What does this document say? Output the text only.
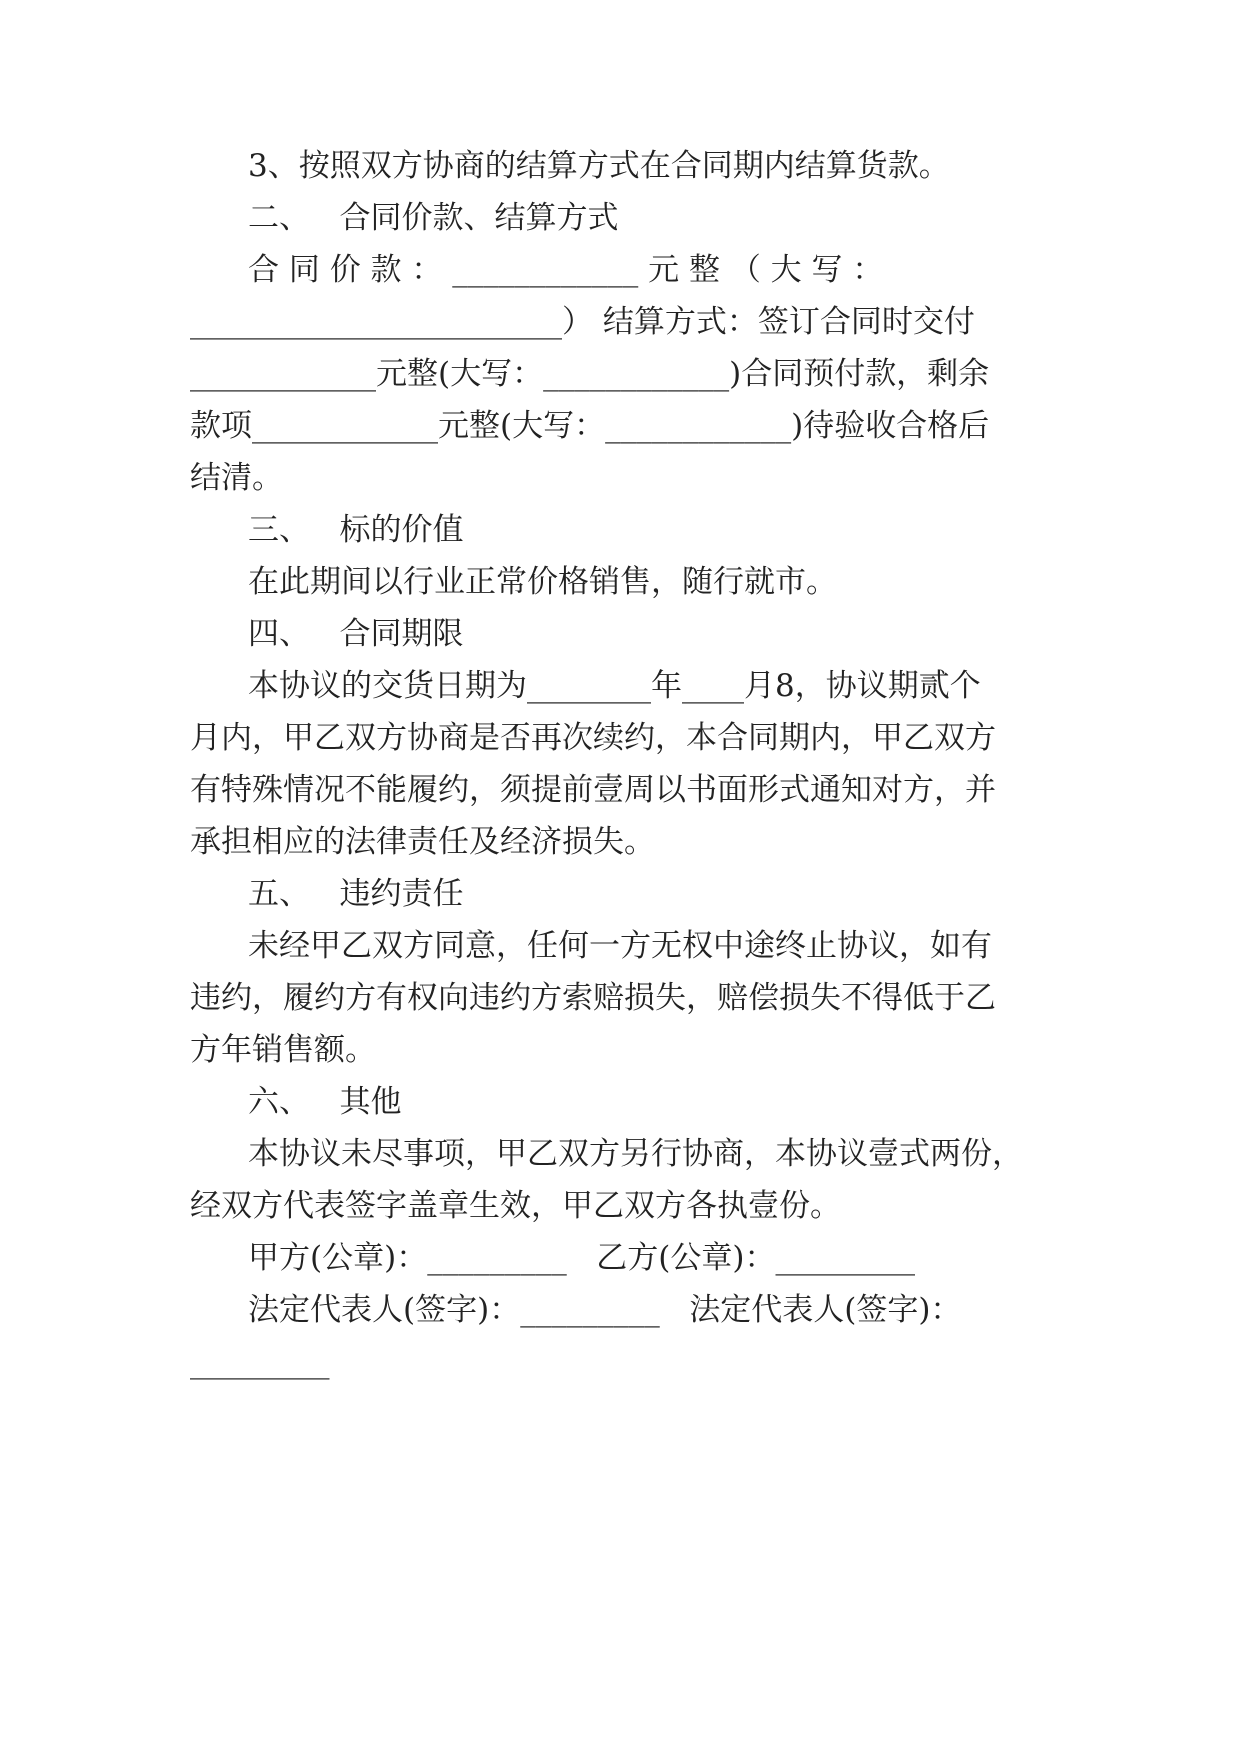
3、按照双方协商的结算方式在合同期内结算货款。
二、   合同价款、结算方式
合 同 价 款 ： ____________ 元 整 （ 大 写 ：
________________________） 结算方式：签订合同时交付
____________元整(大写：____________)合同预付款，剩余
款项____________元整(大写：____________)待验收合格后
结清。
三、   标的价值
在此期间以行业正常价格销售，随行就市。
四、   合同期限
本协议的交货日期为________年____月8，协议期贰个
月内，甲乙双方协商是否再次续约，本合同期内，甲乙双方
有特殊情况不能履约，须提前壹周以书面形式通知对方，并
承担相应的法律责任及经济损失。
五、   违约责任
未经甲乙双方同意，任何一方无权中途终止协议，如有
违约，履约方有权向违约方索赔损失，赔偿损失不得低于乙
方年销售额。
六、   其他
本协议未尽事项，甲乙双方另行协商，本协议壹式两份，
经双方代表签字盖章生效，甲乙双方各执壹份。
甲方(公章)：_________   乙方(公章)：_________
法定代表人(签字)：_________   法定代表人(签字)：
_________
